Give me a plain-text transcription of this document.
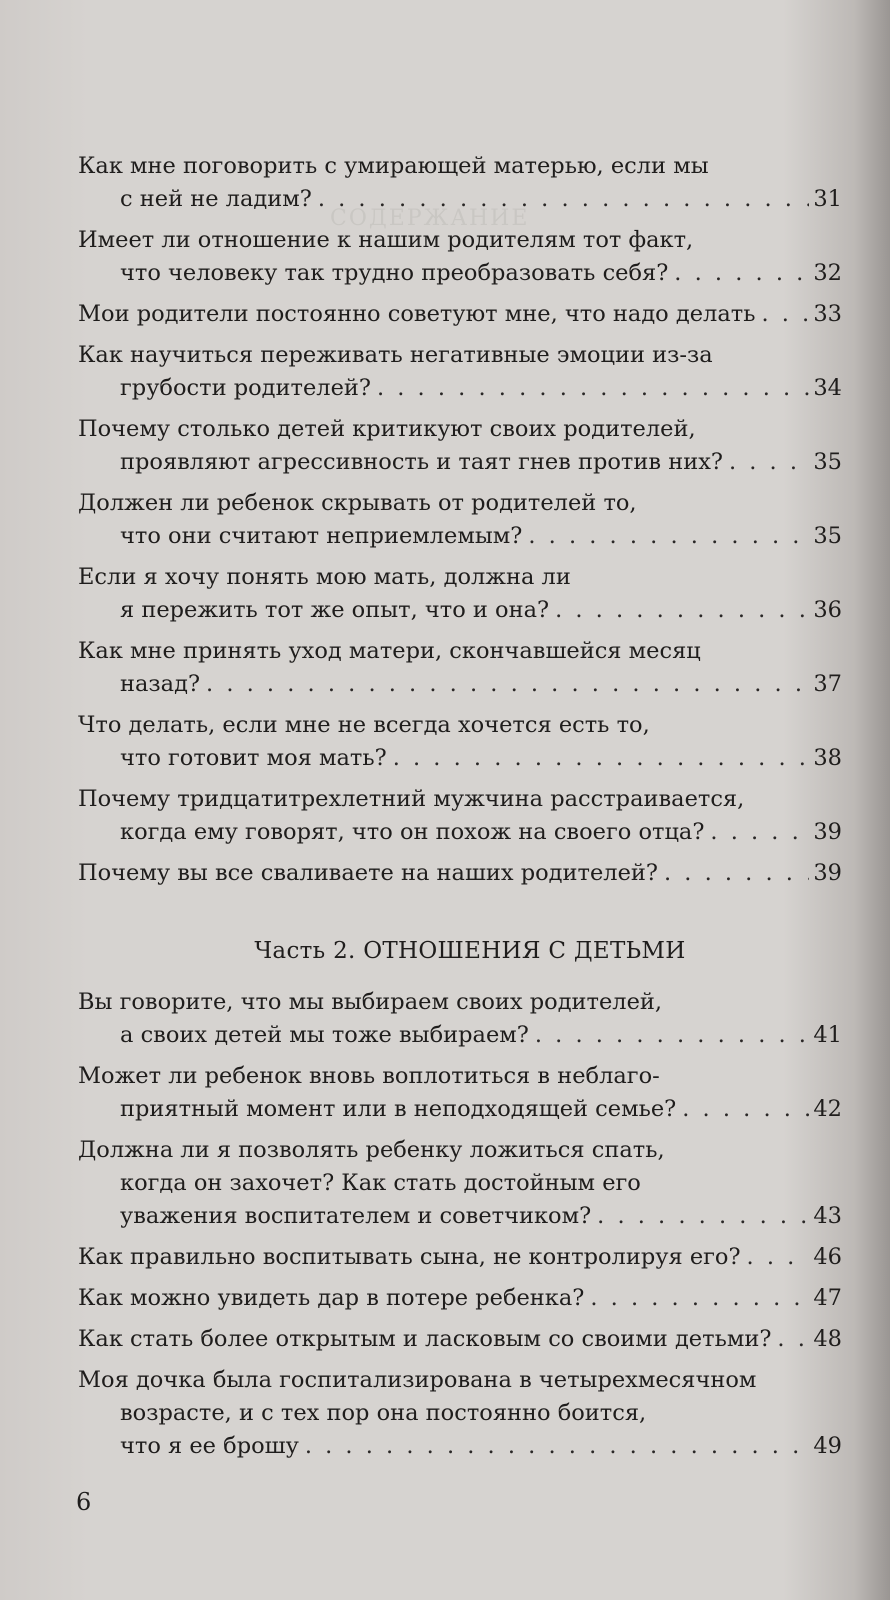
СОДЕРЖАНИЕ
Как мне поговорить с умирающей матерью, если мы
с ней не ладим? . . .	31
Имеет ли отношение к нашим родителям тот факт,
что человеку так трудно преобразовать себя? . . .	32
Мои родители постоянно советуют мне, что надо делать . . .	33
Как научиться переживать негативные эмоции из-за
грубости родителей? . . .	34
Почему столько детей критикуют своих родителей,
проявляют агрессивность и таят гнев против них? . . .	35
Должен ли ребенок скрывать от родителей то,
что они считают неприемлемым? . . .	35
Если я хочу понять мою мать, должна ли
я пережить тот же опыт, что и она? . . .	36
Как мне принять уход матери, скончавшейся месяц
назад? . . .	37
Что делать, если мне не всегда хочется есть то,
что готовит моя мать? . . .	38
Почему тридцатитрехлетний мужчина расстраивается,
когда ему говорят, что он похож на своего отца? . . .	39
Почему вы все сваливаете на наших родителей? . . .	39
Часть 2. ОТНОШЕНИЯ С ДЕТЬМИ
Вы говорите, что мы выбираем своих родителей,
а своих детей мы тоже выбираем? . . .	41
Может ли ребенок вновь воплотиться в неблаго-
приятный момент или в неподходящей семье? . . .	42
Должна ли я позволять ребенку ложиться спать,
когда он захочет? Как стать достойным его
уважения воспитателем и советчиком? . . .	43
Как правильно воспитывать сына, не контролируя его? . . .	46
Как можно увидеть дар в потере ребенка? . . .	47
Как стать более открытым и ласковым со своими детьми? . . . 48
Моя дочка была госпитализирована в четырехмесячном
возрасте, и с тех пор она постоянно боится,
что я ее брошу . . .	49
6
